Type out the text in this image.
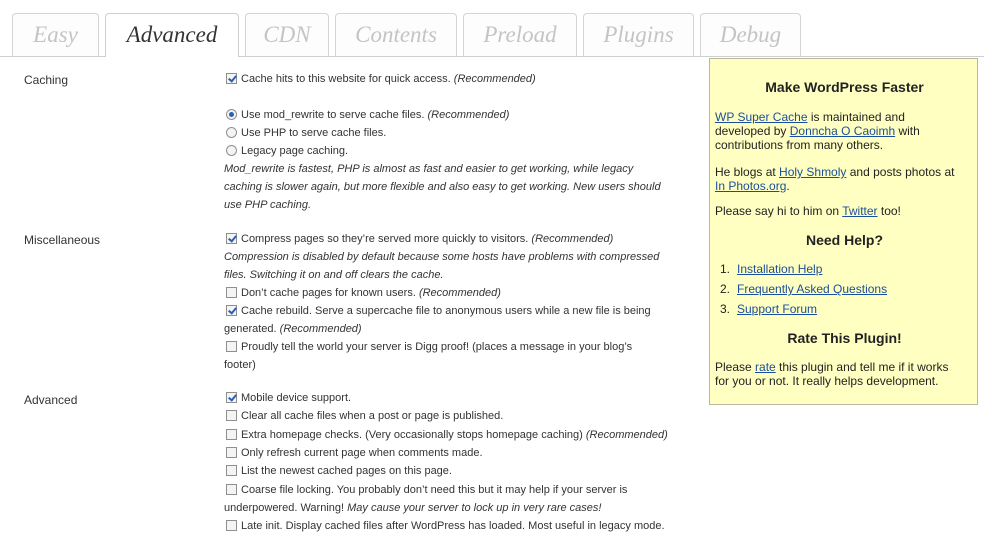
Easy	Advanced	CDN	Contents	Preload	Plugins	Debug
Caching	Cache hits to this website for quick access. (Recommended)
Use mod_rewrite to serve cache files. (Recommended)
Use PHP to serve cache files.
Legacy page caching.
Mod_rewrite is fastest, PHP is almost as fast and easier to get working, while legacy
caching is slower again, but more flexible and also easy to get working. New users should
use PHP caching.
Miscellaneous	Compress pages so they’re served more quickly to visitors. (Recommended)
Compression is disabled by default because some hosts have problems with compressed
files. Switching it on and off clears the cache.
Don’t cache pages for known users. (Recommended)
Cache rebuild. Serve a supercache file to anonymous users while a new file is being
generated. (Recommended)
Proudly tell the world your server is Digg proof! (places a message in your blog’s
footer)
Advanced	Mobile device support.
Clear all cache files when a post or page is published.
Extra homepage checks. (Very occasionally stops homepage caching) (Recommended)
Only refresh current page when comments made.
List the newest cached pages on this page.
Coarse file locking. You probably don’t need this but it may help if your server is
underpowered. Warning! May cause your server to lock up in very rare cases!
Late init. Display cached files after WordPress has loaded. Most useful in legacy mode.
Make WordPress Faster
WP Super Cache is maintained and
developed by Donncha O Caoimh with
contributions from many others.
He blogs at Holy Shmoly and posts photos at
In Photos.org.
Please say hi to him on Twitter too!
Need Help?
1. Installation Help
2. Frequently Asked Questions
3. Support Forum
Rate This Plugin!
Please rate this plugin and tell me if it works
for you or not. It really helps development.
